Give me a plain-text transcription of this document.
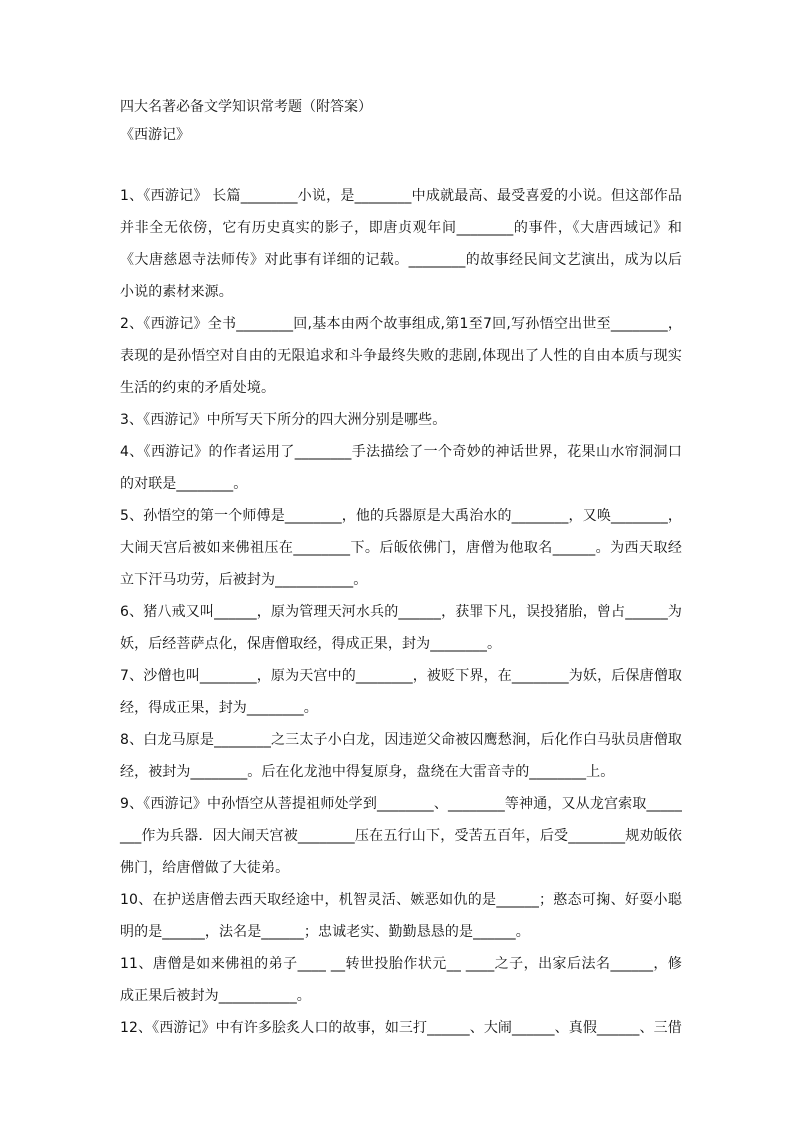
四大名著必备文学知识常考题（附答案）

《西游记》

1、《西游记》 长篇________小说，是________中成就最高、最受喜爱的小说。但这部作品并非全无依傍，它有历史真实的影子，即唐贞观年间________的事件，《大唐西域记》和《大唐慈恩寺法师传》对此事有详细的记载。________的故事经民间文艺演出，成为以后小说的素材来源。

2、《西游记》全书________回,基本由两个故事组成,第1至7回,写孙悟空出世至________，表现的是孙悟空对自由的无限追求和斗争最终失败的悲剧,体现出了人性的自由本质与现实生活的约束的矛盾处境。

3、《西游记》中所写天下所分的四大洲分别是哪些。

4、《西游记》的作者运用了________手法描绘了一个奇妙的神话世界，花果山水帘洞洞口的对联是________。

5、孙悟空的第一个师傅是________，他的兵器原是大禹治水的________，又唤________，大闹天宫后被如来佛祖压在________下。后皈依佛门，唐僧为他取名______。为西天取经立下汗马功劳，后被封为___________。

6、猪八戒又叫______，原为管理天河水兵的______，获罪下凡，误投猪胎，曾占______为妖，后经菩萨点化，保唐僧取经，得成正果，封为________。

7、沙僧也叫________，原为天宫中的________，被贬下界，在________为妖，后保唐僧取经，得成正果，封为________。

8、白龙马原是________之三太子小白龙，因违逆父命被囚鹰愁涧，后化作白马驮员唐僧取经，被封为________。后在化龙池中得复原身，盘绕在大雷音寺的________上。

9、《西游记》中孙悟空从菩提祖师处学到________、________等神通，又从龙宫索取________作为兵器．因大闹天宫被________压在五行山下，受苦五百年，后受________规劝皈依佛门，给唐僧做了大徒弟。

10、在护送唐僧去西天取经途中，机智灵活、嫉恶如仇的是______；憨态可掬、好耍小聪明的是______，法名是______；忠诚老实、勤勤恳恳的是______。

11、唐僧是如来佛祖的弟子____ __转世投胎作状元__ ____之子，出家后法名______，修成正果后被封为___________。

12、《西游记》中有许多脍炙人口的故事，如三打______、大闹______、真假______、三借
